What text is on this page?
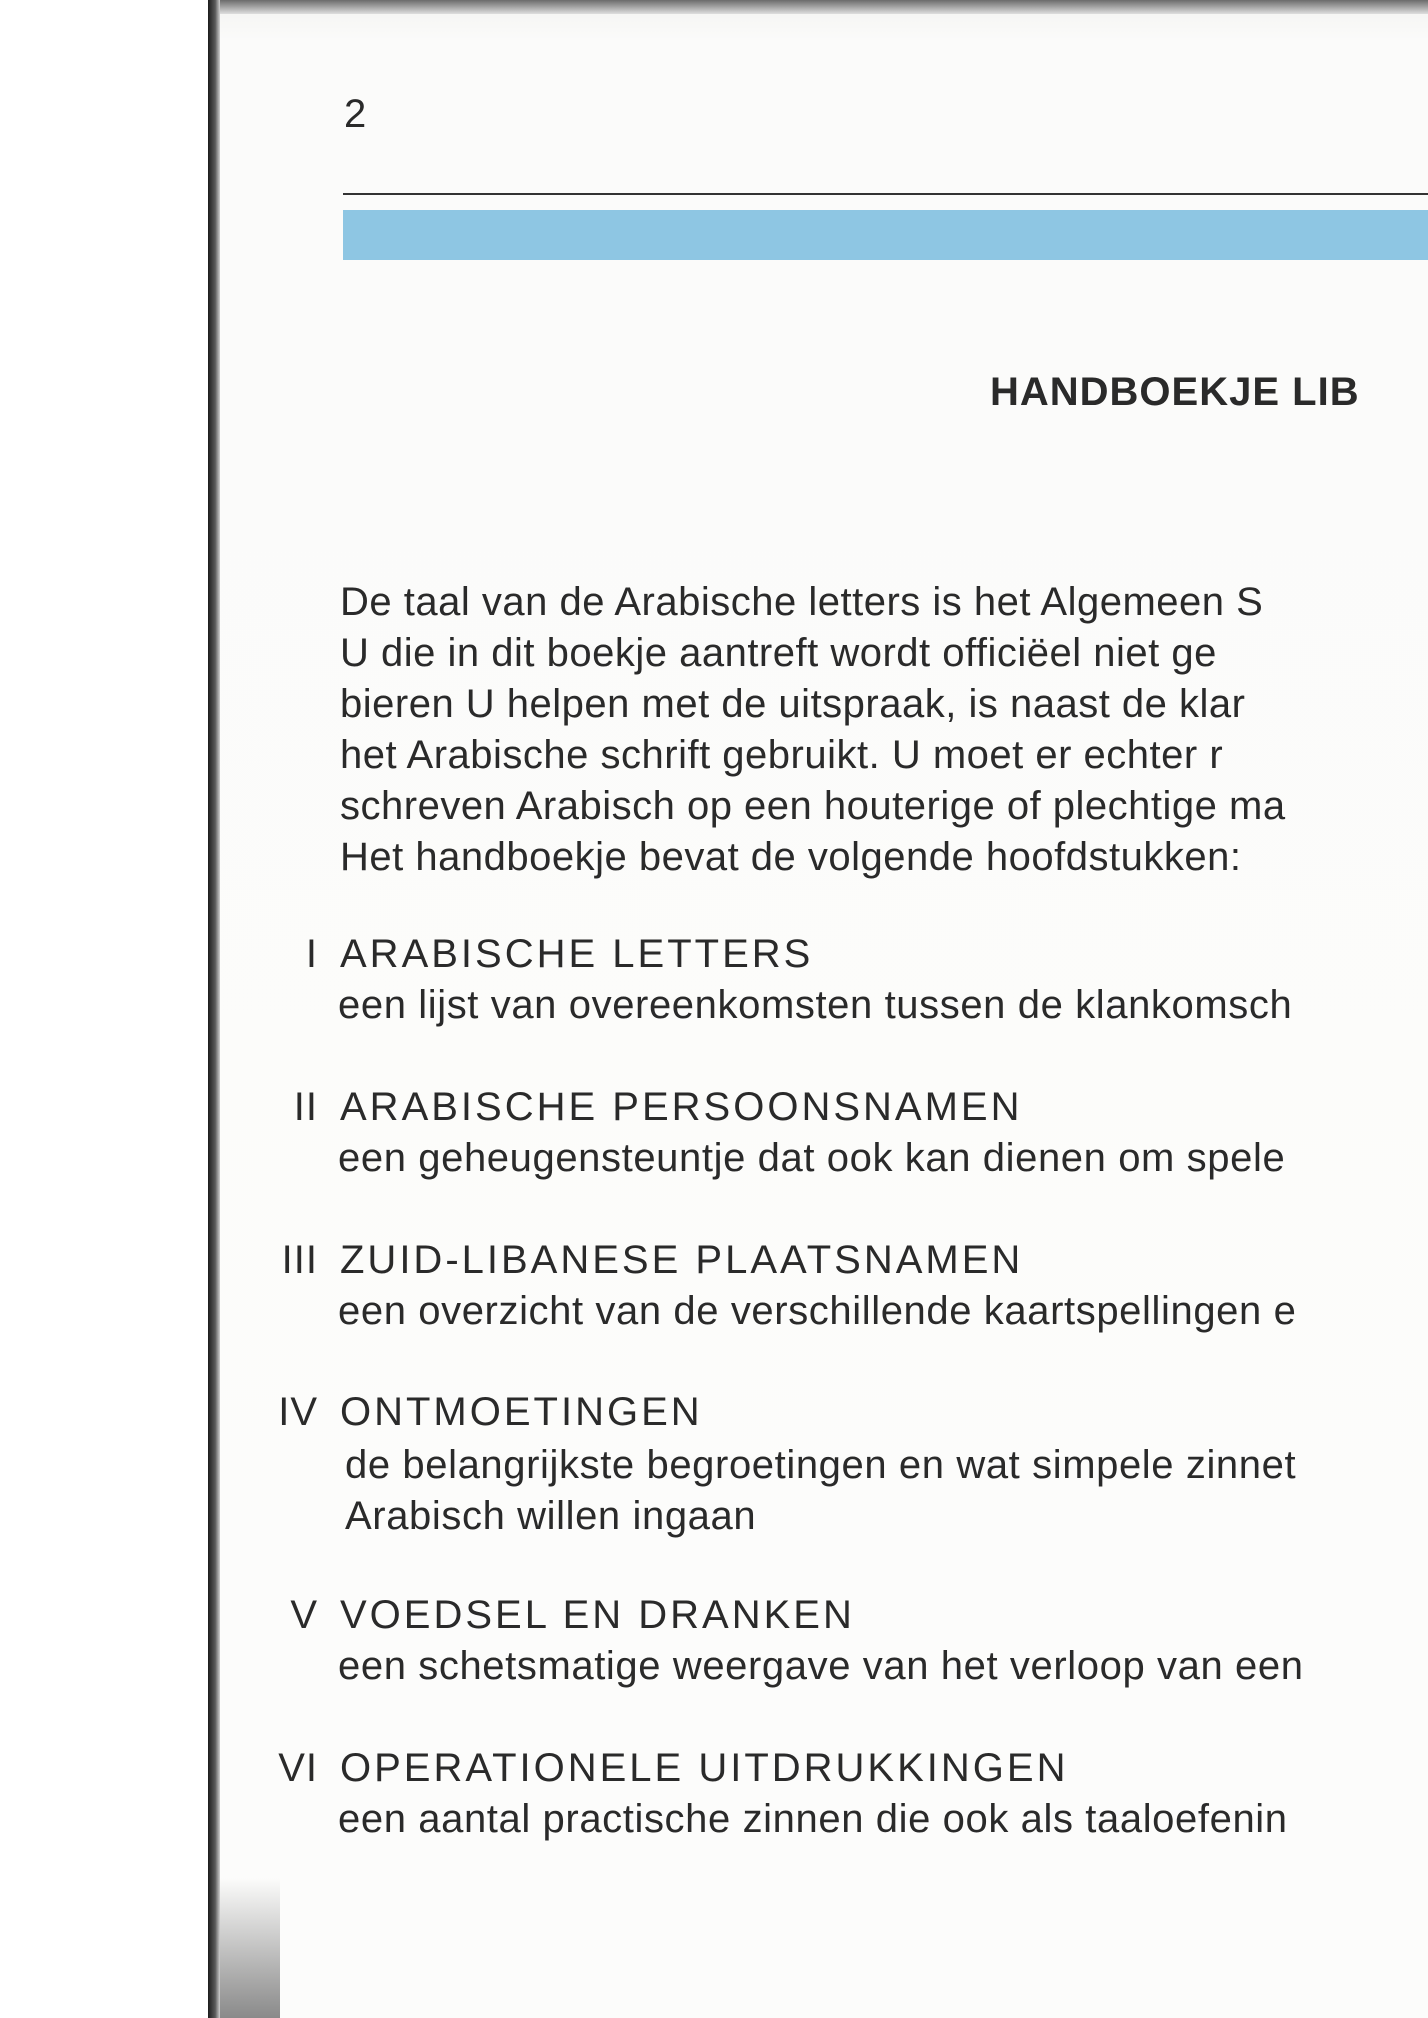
2
HANDBOEKJE LIB
De taal van de Arabische letters is het Algemeen S
U die in dit boekje aantreft wordt officiëel niet ge
bieren U helpen met de uitspraak, is naast de klar
het Arabische schrift gebruikt. U moet er echter r
schreven Arabisch op een houterige of plechtige ma
Het handboekje bevat de volgende hoofdstukken:
I ARABISCHE LETTERS
een lijst van overeenkomsten tussen de klankomsch
II ARABISCHE PERSOONSNAMEN
een geheugensteuntje dat ook kan dienen om spele
III ZUID-LIBANESE PLAATSNAMEN
een overzicht van de verschillende kaartspellingen e
IV ONTMOETINGEN
de belangrijkste begroetingen en wat simpele zinnet
Arabisch willen ingaan
V VOEDSEL EN DRANKEN
een schetsmatige weergave van het verloop van een
VI OPERATIONELE UITDRUKKINGEN
een aantal practische zinnen die ook als taaloefenin
